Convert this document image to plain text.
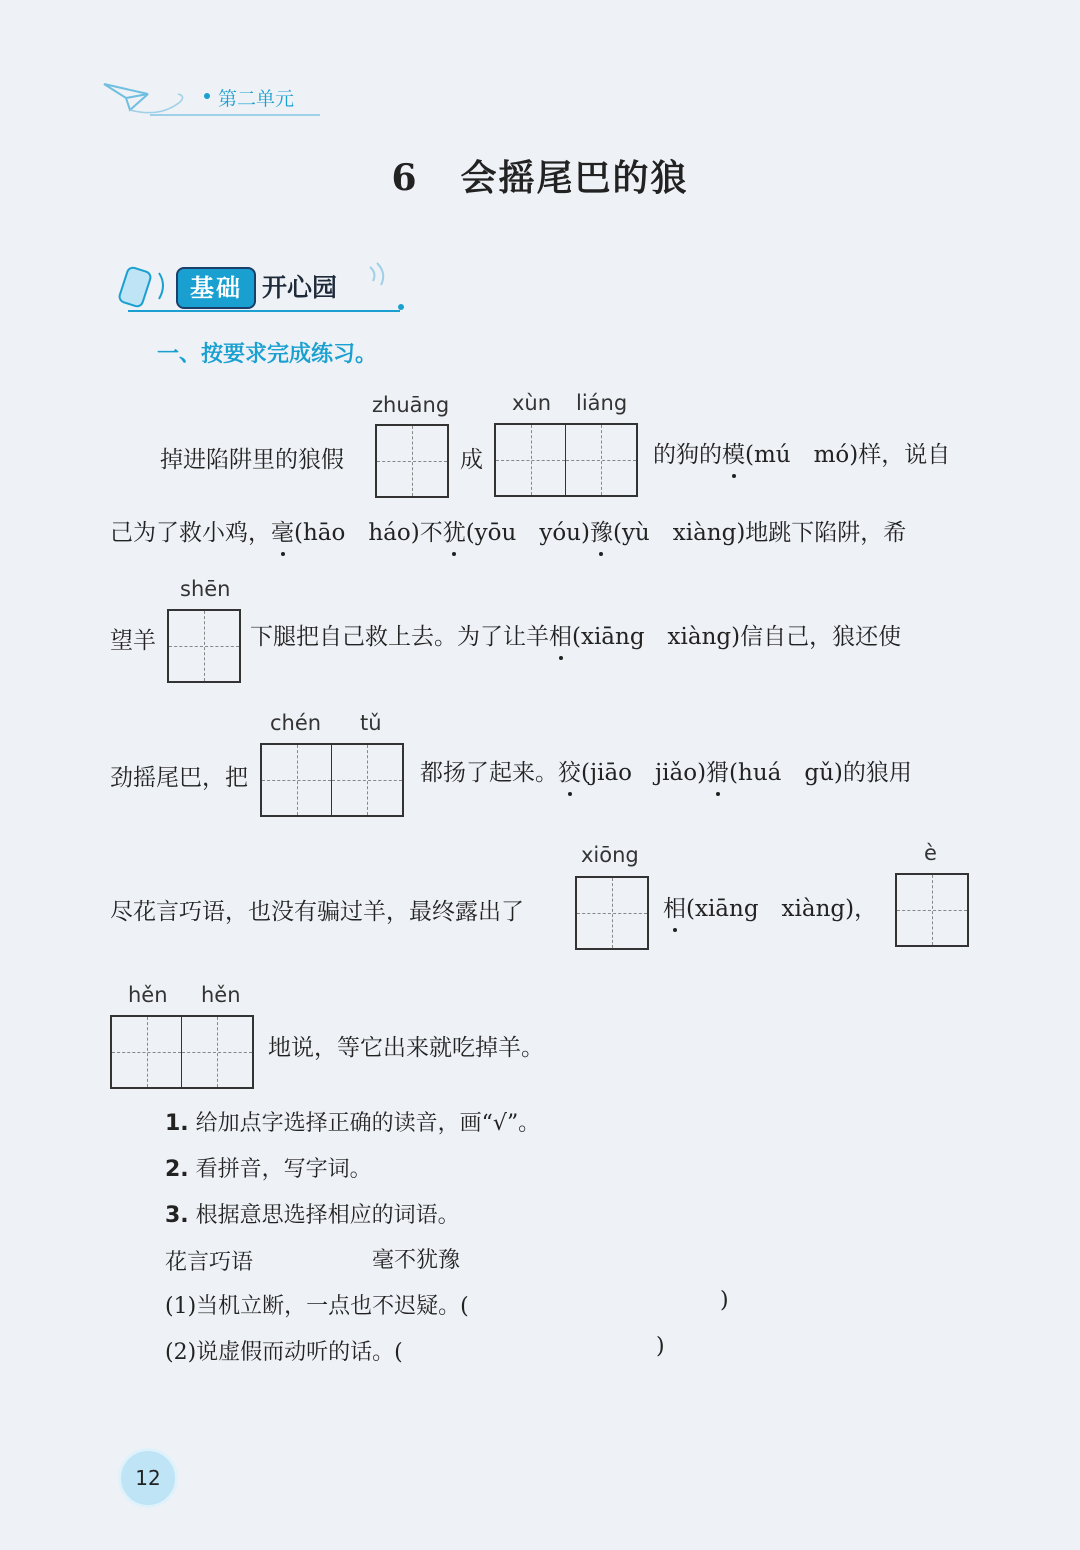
第二单元
6 会摇尾巴的狼
基础 开心园
一、按要求完成练习。
zhuāng	xùn liáng
掉进陷阱里的狼假	成	的狗的模(mú　mó)样，说自
己为了救小鸡，毫(hāo　háo)不犹(yōu　yóu)豫(yù　xiàng)地跳下陷阱，希
shēn
望羊	下腿把自己救上去。为了让羊相(xiāng　xiàng)信自己，狼还使
chén tǔ
劲摇尾巴，把	都扬了起来。狡(jiāo　jiǎo)猾(huá　gǔ)的狼用
xiōng	è
尽花言巧语，也没有骗过羊，最终露出了	相(xiāng　xiàng)，
hěn hěn
地说，等它出来就吃掉羊。
1. 给加点字选择正确的读音，画“√”。
2. 看拼音，写字词。
3. 根据意思选择相应的词语。
花言巧语	毫不犹豫
(1)当机立断，一点也不迟疑。(	)
(2)说虚假而动听的话。(	)
12
